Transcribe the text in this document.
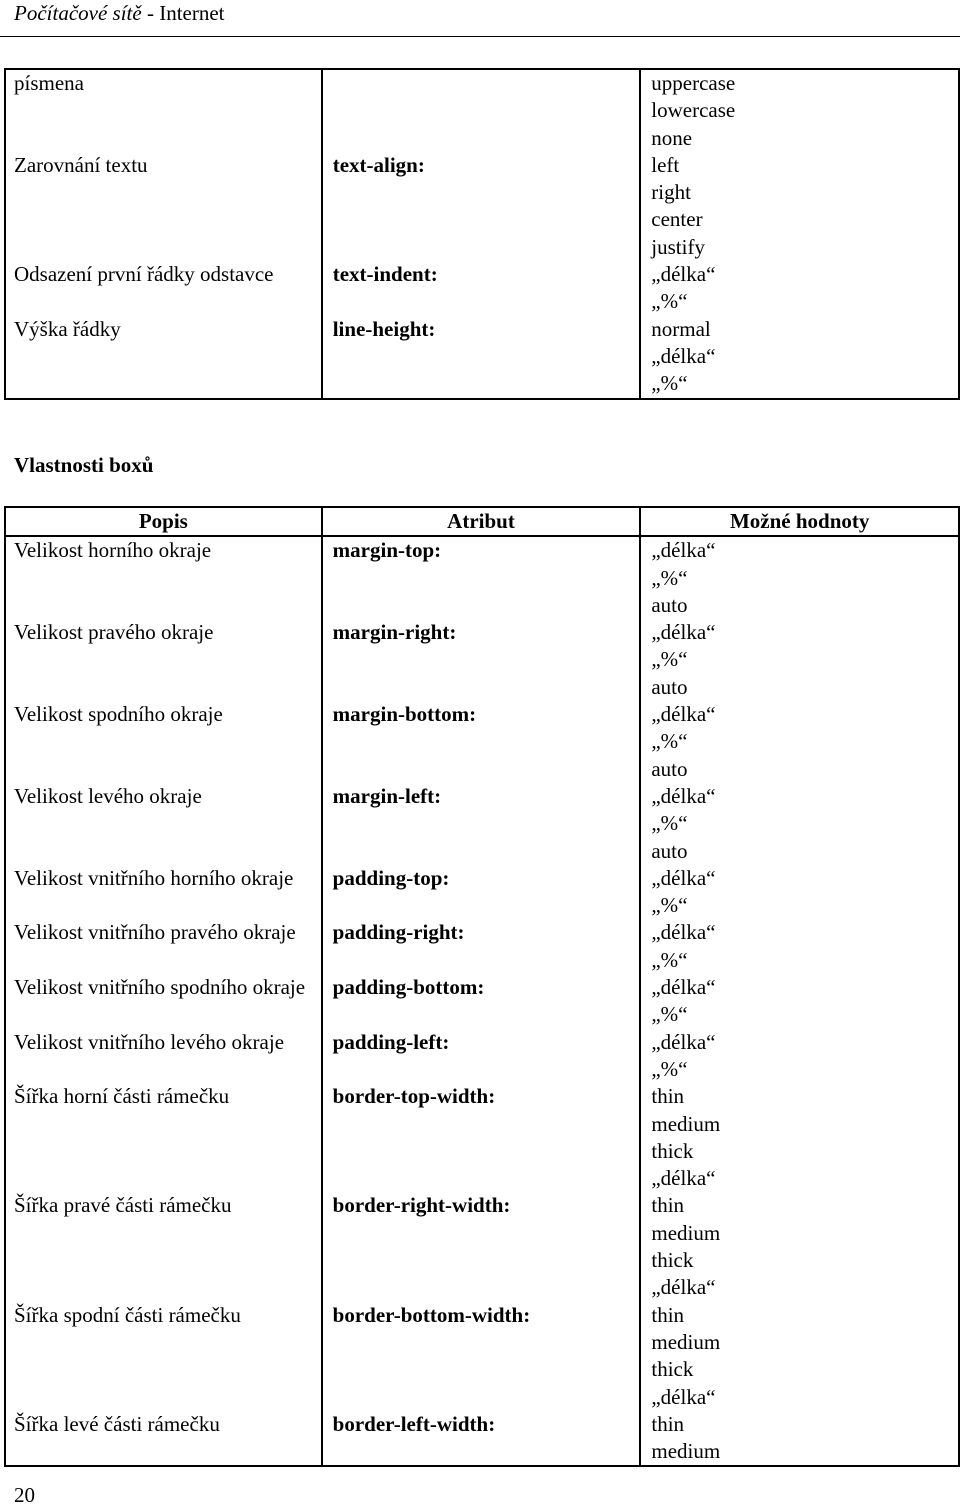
Počítačové sítě - Internet
písmena		uppercase
lowercase
none

Zarovnání textu	text-align:	left
right
center
justify

Odsazení první řádky odstavce	text-indent:	„délka“
„%“

Výška řádky	line-height:	normal
„délka“
„%“
Vlastnosti boxů
Popis	Atribut	Možné hodnoty
Velikost horního okraje	margin-top:	„délka“
„%“
auto

Velikost pravého okraje	margin-right:	„délka“
„%“
auto

Velikost spodního okraje	margin-bottom:	„délka“
„%“
auto

Velikost levého okraje	margin-left:	„délka“
„%“
auto

Velikost vnitřního horního okraje	padding-top:	„délka“
„%“

Velikost vnitřního pravého okraje	padding-right:	„délka“
„%“

Velikost vnitřního spodního okraje	padding-bottom:	„délka“
„%“

Velikost vnitřního levého okraje	padding-left:	„délka“
„%“

Šířka horní části rámečku	border-top-width:	thin
medium
thick
„délka“

Šířka pravé části rámečku	border-right-width:	thin
medium
thick
„délka“

Šířka spodní části rámečku	border-bottom-width:	thin
medium
thick
„délka“

Šířka levé části rámečku	border-left-width:	thin
medium
20
